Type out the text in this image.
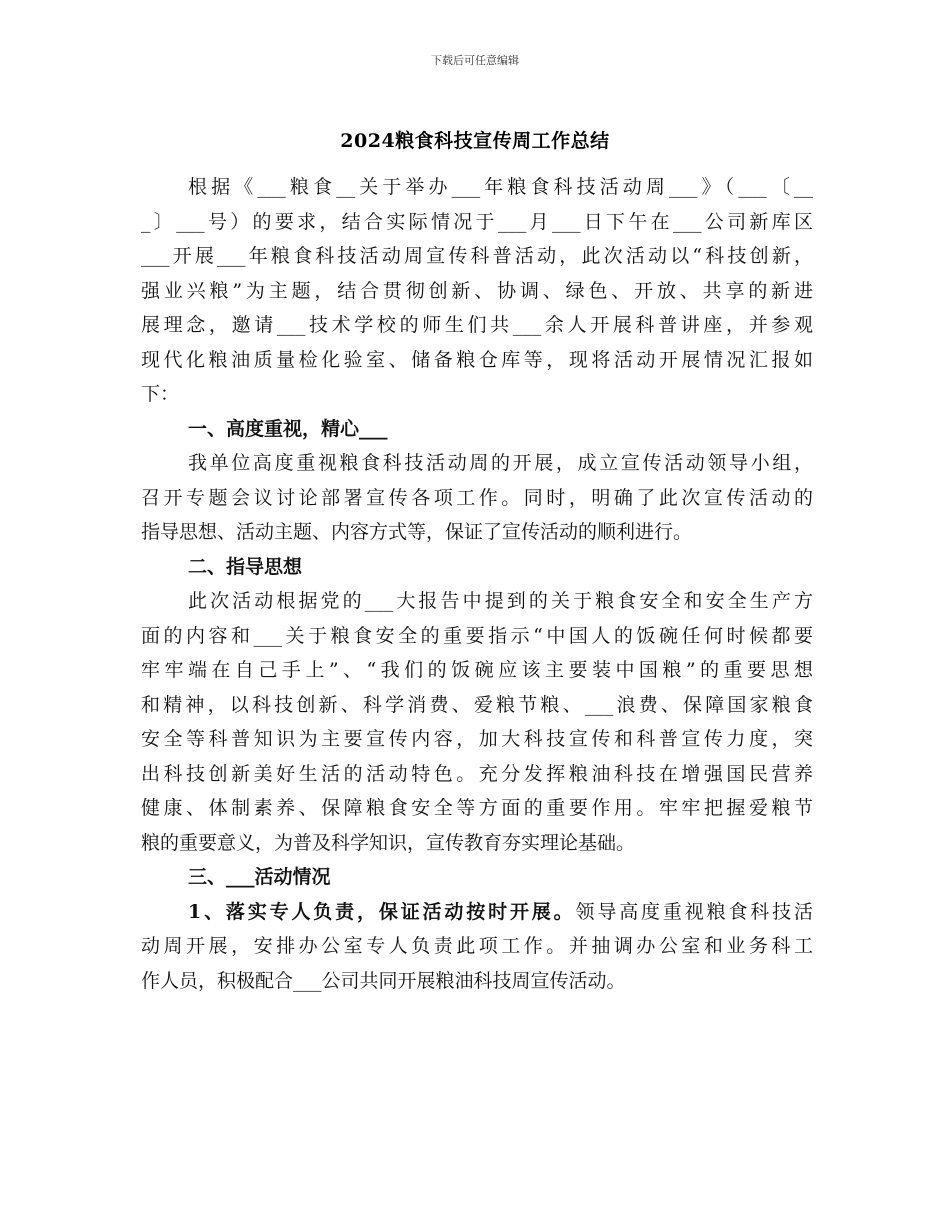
下载后可任意编辑
2024粮食科技宣传周工作总结
根据《___粮食__关于举办___年粮食科技活动周___》（___〔__
_〕___号）的要求，结合实际情况于___月___日下午在___公司新库区
___开展___年粮食科技活动周宣传科普活动，此次活动以“科技创新，
强业兴粮”为主题，结合贯彻创新、协调、绿色、开放、共享的新进
展理念，邀请___技术学校的师生们共___余人开展科普讲座，并参观
现代化粮油质量检化验室、储备粮仓库等，现将活动开展情况汇报如
下：
一、高度重视，精心___
我单位高度重视粮食科技活动周的开展，成立宣传活动领导小组，
召开专题会议讨论部署宣传各项工作。同时，明确了此次宣传活动的
指导思想、活动主题、内容方式等，保证了宣传活动的顺利进行。
二、指导思想
此次活动根据党的___大报告中提到的关于粮食安全和安全生产方
面的内容和___关于粮食安全的重要指示“中国人的饭碗任何时候都要
牢牢端在自己手上”、“我们的饭碗应该主要装中国粮”的重要思想
和精神，以科技创新、科学消费、爱粮节粮、___浪费、保障国家粮食
安全等科普知识为主要宣传内容，加大科技宣传和科普宣传力度，突
出科技创新美好生活的活动特色。充分发挥粮油科技在增强国民营养
健康、体制素养、保障粮食安全等方面的重要作用。牢牢把握爱粮节
粮的重要意义，为普及科学知识，宣传教育夯实理论基础。
三、___活动情况
1、落实专人负责，保证活动按时开展。领导高度重视粮食科技活
动周开展，安排办公室专人负责此项工作。并抽调办公室和业务科工
作人员，积极配合___公司共同开展粮油科技周宣传活动。
